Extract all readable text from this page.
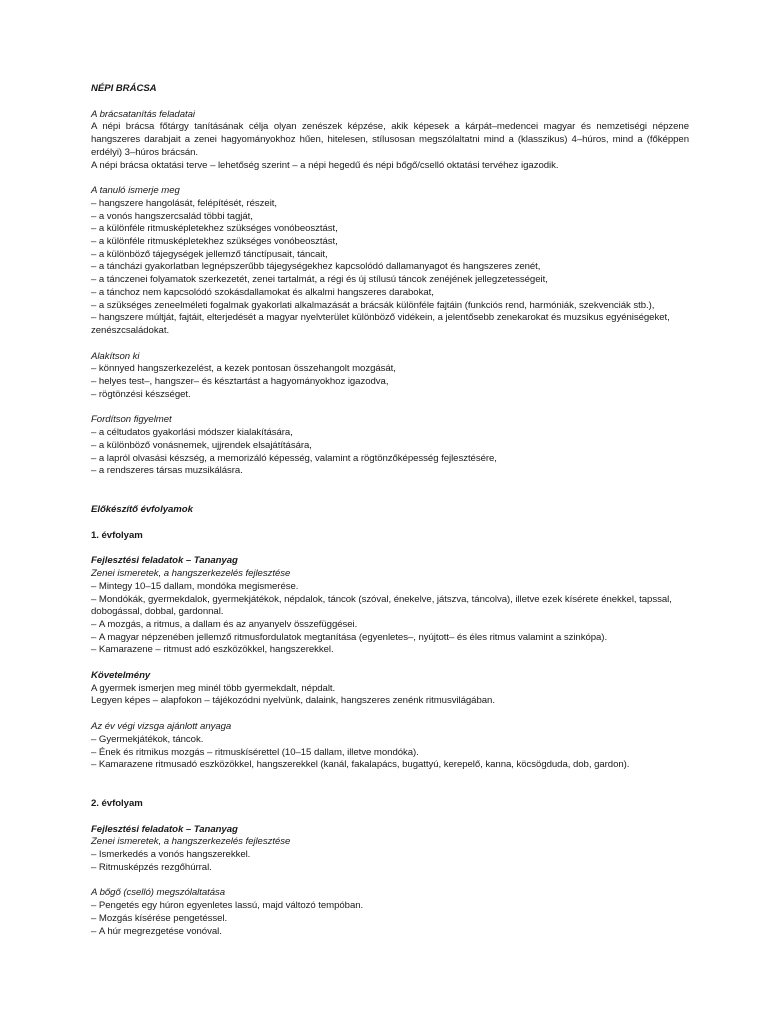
NÉPI BRÁCSA

A brácsatanítás feladatai

A népi brácsa főtárgy tanításának célja olyan zenészek képzése, akik képesek a kárpát–medencei magyar és nemzetiségi népzene hangszeres darabjait a zenei hagyományokhoz hűen, hitelesen, stílusosan megszólaltatni mind a (klasszikus) 4–húros, mind a (főképpen erdélyi) 3–húros brácsán.

A népi brácsa oktatási terve – lehetőség szerint – a népi hegedű és népi bőgő/cselló oktatási tervéhez igazodik.

A tanuló ismerje meg

– hangszere hangolását, felépítését, részeit,
– a vonós hangszercsalád többi tagját,
– a különféle ritmusképletekhez szükséges vonóbeosztást,
– a különféle ritmusképletekhez szükséges vonóbeosztást,
– a különböző tájegységek jellemző tánctípusait, táncait,
– a táncházi gyakorlatban legnépszerűbb tájegységekhez kapcsolódó dallamanyagot és hangszeres zenét,
– a tánczenei folyamatok szerkezetét, zenei tartalmát, a régi és új stílusú táncok zenéjének jellegzetességeit,
– a tánchoz nem kapcsolódó szokásdallamokat és alkalmi hangszeres darabokat,
– a szükséges zeneelméleti fogalmak gyakorlati alkalmazását a brácsák különféle fajtáin (funkciós rend, harmóniák, szekvenciák stb.),
– hangszere múltját, fajtáit, elterjedését a magyar nyelvterület különböző vidékein, a jelentősebb zenekarokat és muzsikus egyéniségeket, zenészcsaládokat.

Alakítson ki

– könnyed hangszerkezelést, a kezek pontosan összehangolt mozgását,
– helyes test–, hangszer– és késztartást a hagyományokhoz igazodva,
– rögtönzési készséget.

Fordítson figyelmet

– a céltudatos gyakorlási módszer kialakítására,
– a különböző vonásnemek, ujjrendek elsajátítására,
– a lapról olvasási készség, a memorizáló képesség, valamint a rögtönzőképesség fejlesztésére,
– a rendszeres társas muzsikálásra.

Előkészítő évfolyamok

1. évfolyam

Fejlesztési feladatok – Tananyag

Zenei ismeretek, a hangszerkezelés fejlesztése

– Mintegy 10–15 dallam, mondóka megismerése.
– Mondókák, gyermekdalok, gyermekjátékok, népdalok, táncok (szóval, énekelve, játszva, táncolva), illetve ezek kísérete énekkel, tapssal, dobogással, dobbal, gardonnal.
– A mozgás, a ritmus, a dallam és az anyanyelv összefüggései.
– A magyar népzenében jellemző ritmusfordulatok megtanítása (egyenletes–, nyújtott– és éles ritmus valamint a szinkópa).
– Kamarazene – ritmust adó eszközökkel, hangszerekkel.

Követelmény

A gyermek ismerjen meg minél több gyermekdalt, népdalt.

Legyen képes – alapfokon – tájékozódni nyelvünk, dalaink, hangszeres zenénk ritmusvilágában.

Az év végi vizsga ajánlott anyaga

– Gyermekjátékok, táncok.
– Ének és ritmikus mozgás – ritmuskísérettel (10–15 dallam, illetve mondóka).
– Kamarazene ritmusadó eszközökkel, hangszerekkel (kanál, fakalapács, bugattyú, kerepelő, kanna, köcsögduda, dob, gardon).

2. évfolyam

Fejlesztési feladatok – Tananyag

Zenei ismeretek, a hangszerkezelés fejlesztése

– Ismerkedés a vonós hangszerekkel.
– Ritmusképzés rezgőhúrral.

A bőgő (cselló) megszólaltatása

– Pengetés egy húron egyenletes lassú, majd változó tempóban.
– Mozgás kísérése pengetéssel.
– A húr megrezgetése vonóval.
